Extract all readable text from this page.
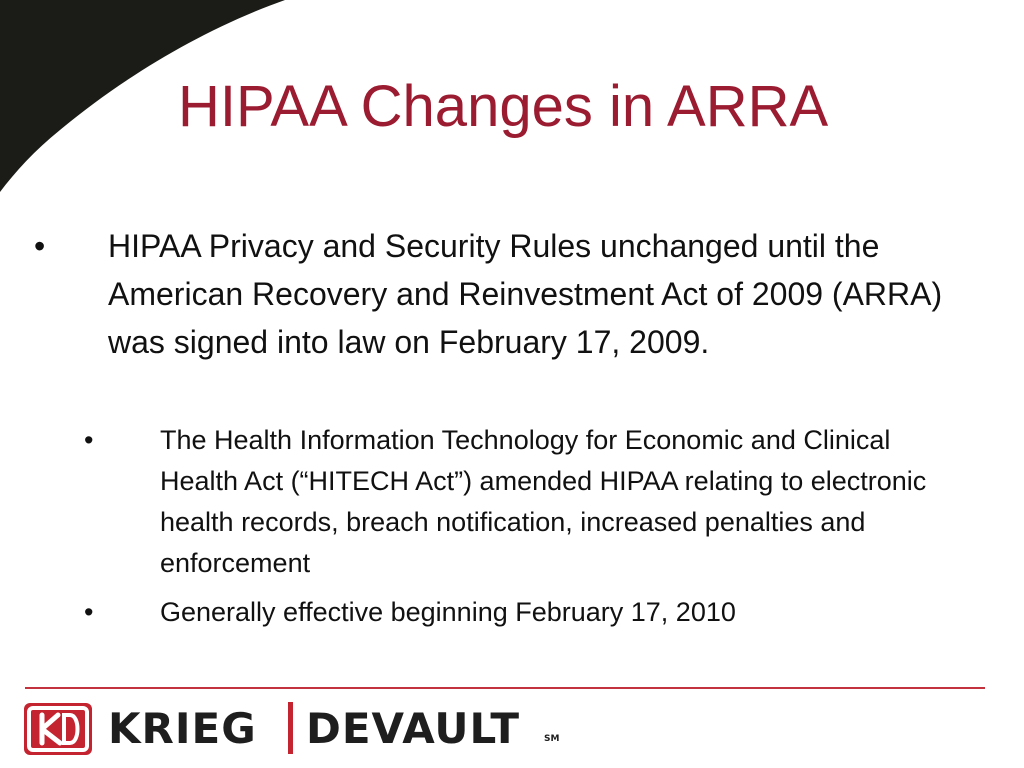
HIPAA Changes in ARRA
• HIPAA Privacy and Security Rules unchanged until the American Recovery and Reinvestment Act of 2009 (ARRA) was signed into law on February 17, 2009.
• The Health Information Technology for Economic and Clinical Health Act (“HITECH Act”) amended HIPAA relating to electronic health records, breach notification, increased penalties and enforcement
• Generally effective beginning February 17, 2010
KRIEG DEVAULT	SM
